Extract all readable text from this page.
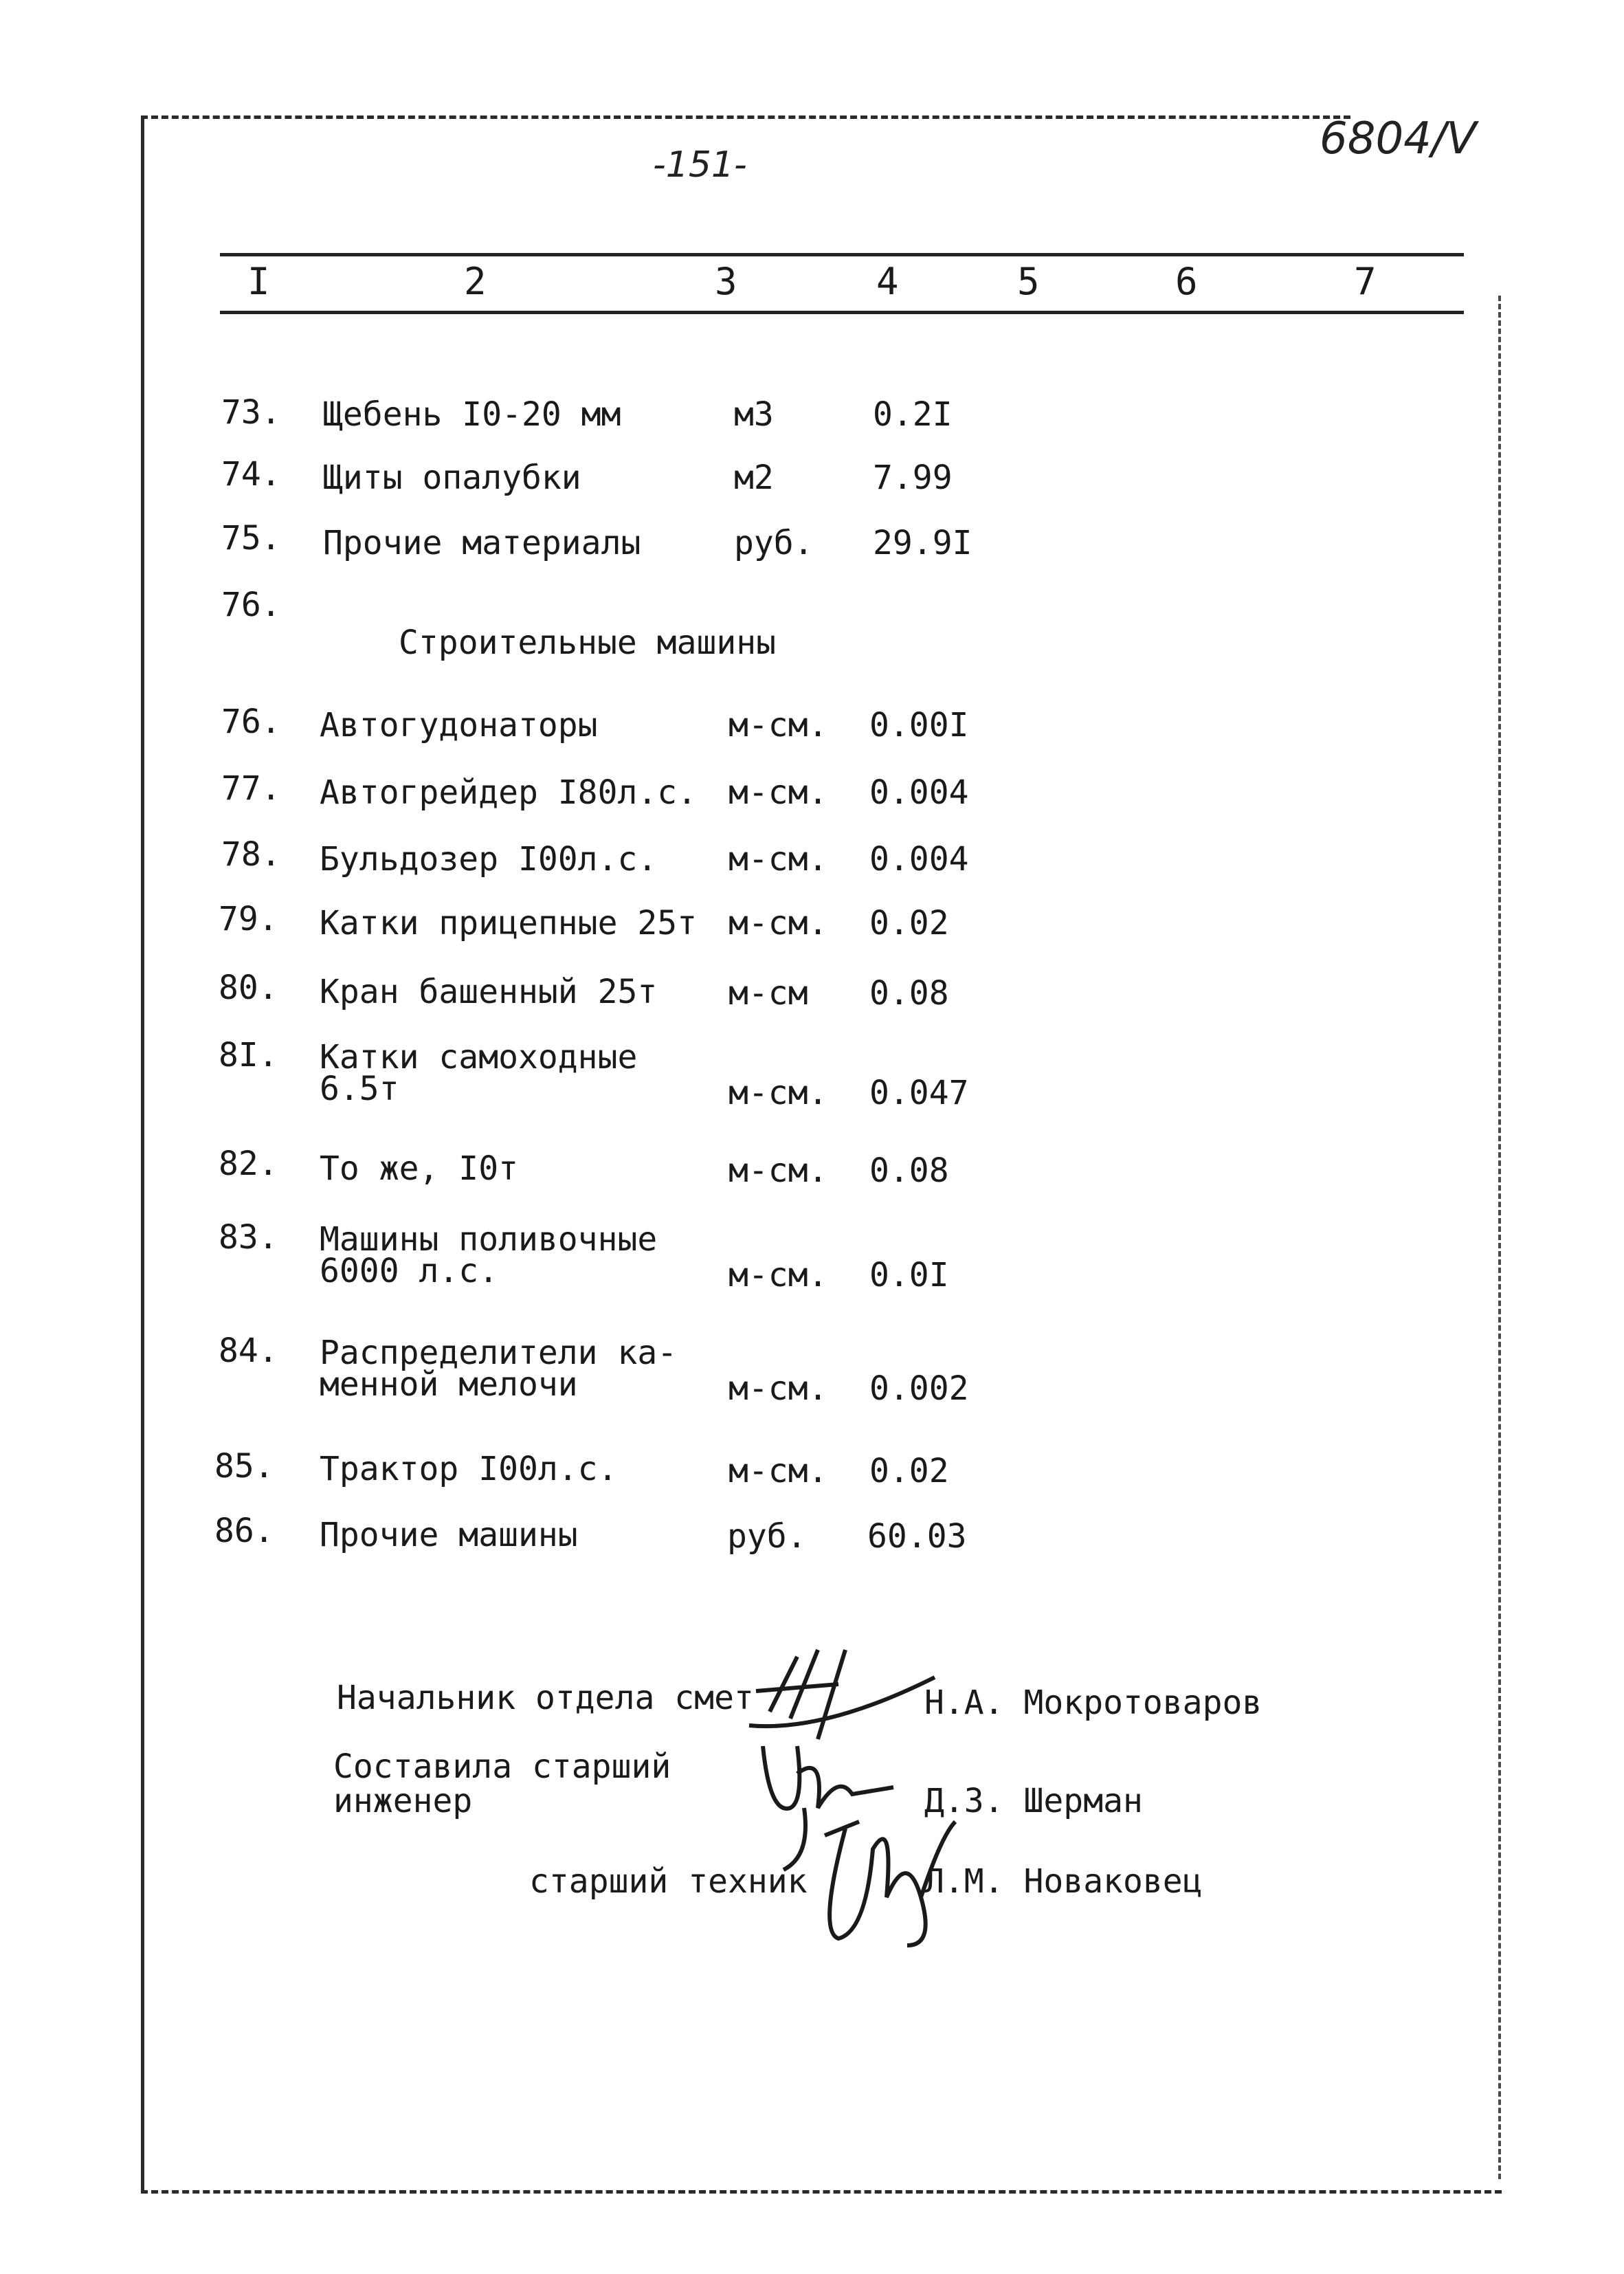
-151-
6804/V
I	2	3	4	5	6	7
73. Щебень I0-20 мм	м3	0.2I
74. Щиты опалубки	м2	7.99
75. Прочие материалы	руб. 29.9I
76.
Строительные машины
76. Автогудонаторы	м-см. 0.00I
77. Автогрейдер I80л.с. м-см. 0.004
78. Бульдозер I00л.с. м-см. 0.004
79. Катки прицепные 25т м-см. 0.02
80. Кран башенный 25т м-см 0.08
8I. Катки самоходные
6.5т	м-см. 0.047
82. То же, I0т	м-см. 0.08
83. Машины поливочные
6000 л.с.	м-см. 0.0I
84. Распределители ка-
менной мелочи	м-см. 0.002
85. Трактор I00л.с.	м-см. 0.02
86. Прочие машины	руб. 60.03
Начальник отдела смет	Н.А. Мокротоваров
Составила старший
инженер	Д.З. Шерман
старший техник	Л.М. Новаковец
